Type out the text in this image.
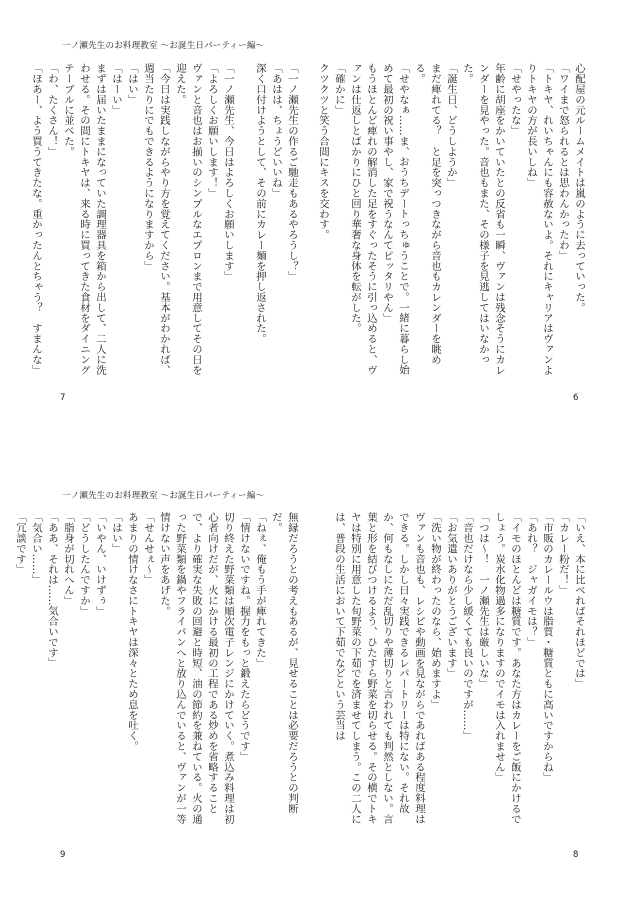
一ノ瀬先生のお料理教室 〜お誕生日パーティー編〜

心配屋の元ルームメイトは嵐のように去っていった。
「ワイまで怒られるとは思わんかったわ」
「トキヤ、れいちゃんにも容赦ないよ。それにキャリアはヴァンよりトキヤの方が長いしね」
「せやったな」
年齢に胡座をかいていたとの反省も一瞬、ヴァンは残念そうにカレンダーを見やった。音也もまた、その様子を見逃してはいなかった。
「誕生日、どうしようか」
まだ痺れてる？　と足を突っつきながら音也もカレンダーを眺める。
「せやなぁ……ま、おうちデートっちゅうことで。一緒に暮らし始めて最初の祝い事やし、家で祝うなんてピッタリやん」
もうほとんど痺れの解消した足をすぐったそうに引っ込めると、ヴァンは仕返しとばかりにひと回り華奢な身体を転がした。
「確かに」
クツクツと笑う合間にキスを交わす。

「一ノ瀬先生の作るご馳走もあるやろうし？」
「あはは、ちょうどいいね」
深く口付けようとして、その前にカレー麺を押し返された。

「一ノ瀬先生、今日はよろしくお願いします」
「よろしくお願いします！」
ヴァンと音也はお揃いのシンプルなエプロンまで用意してその日を迎えた。
「今日は実践しながらやり方を覚えてください。基本がわかれば、週当たりにでもできるようになりますから」
「はい」
「はーい」
まずは届いたままになっていた調理器具を箱から出して、二人に洗わせる。その間にトキヤは、来る時に買ってきた食材をダイニングテーブルに並べた。
「わ、たくさん！」
「ほあー、よう買うてきたな。重かったんとちゃう？　すまんな」

7	6
一ノ瀬先生のお料理教室 〜お誕生日パーティー編〜

「いえ、本に比べればそれほどでは」
「カレー粉だ！」
「市販のカレールウは脂質・糖質ともに高いですからね」
「あれ？　ジャガイモは？」
「イモのほとんどは糖質です。あなた方はカレーをご飯にかけるでしょう。炭水化物過多になりますのでイモは入れません」
「つは～！　一ノ瀬先生は厳しいな」
「音也だけなら少し緩くても良いのですが……」
「お気遣いありがとうございます」
「洗い物が終わったのなら、始めますよ」
ヴァンも音也も、レシピや動画を見ながらであればある程度料理はできる。しかし日々実践できるレパートリーは特にない。それ故か、何もなしにただ乱切りや薄切りと言われても判然としない。言葉と形を結びつけるよう、ひたすら野菜を切らせる。その横でトキヤは特別に用意した旬野菜の下茹でを済ませてしまう。この二人には、普段の生活において下茹でなどという芸当は

無縁だろうとの考えもあるが、見せることは必要だろうとの判断だ。
「ねぇ、俺もう手が痺れてきた」
「情けないですね。握力をもっと鍛えたらどうです」
切り終えた野菜類は順次電子レンジにかけていく。煮込み料理は初心者向けだが、火にかける最初の工程である炒めを省略することで、より確実な失敗の回避と時短、油の節約を兼ねている。火の通った野菜類を鍋やフライパンへと放り込んでいると、ヴァンが一等情けない声をあげた。
「せんせぇ～」
あまりの情けなさにトキヤは深々とため息を吐く。
「はい」
「いやん、いけずぅ」
「どうしたんですか」
「脂身が切れへん」
「ああ、それは……気合いです」
「気合い……」
「冗談です」

9	8
